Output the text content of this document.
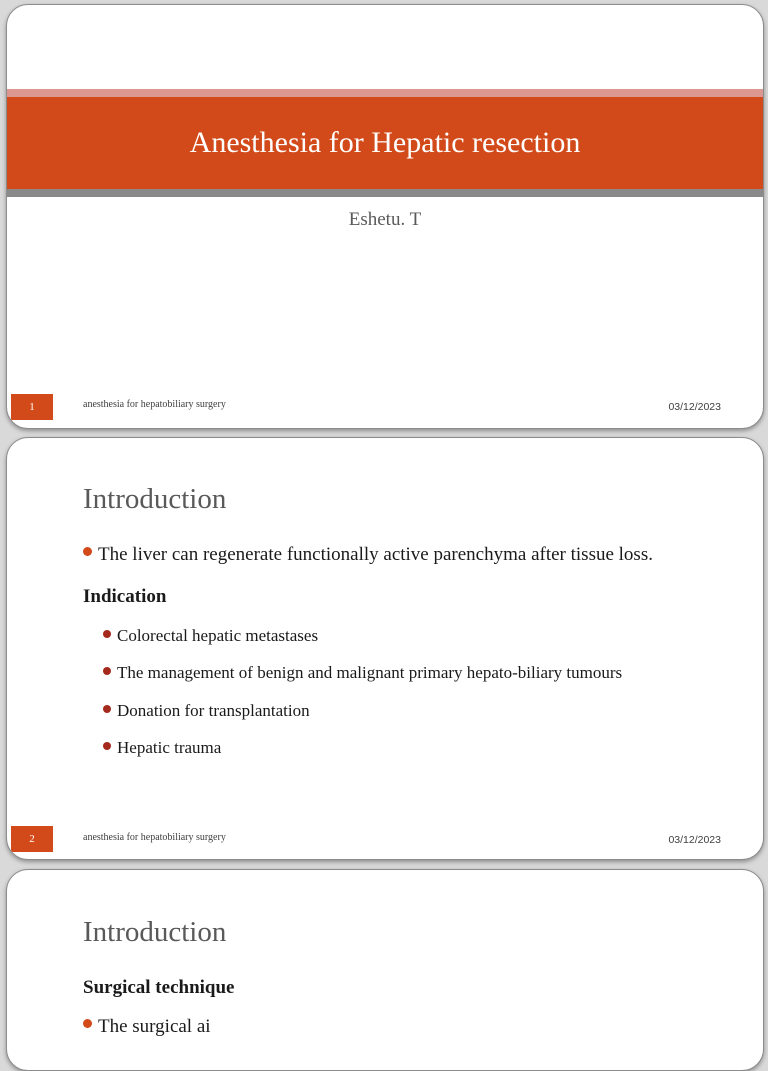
Anesthesia for Hepatic resection
Eshetu. T
1	anesthesia for hepatobiliary surgery	03/12/2023
Introduction
The liver can regenerate functionally active parenchyma after tissue loss.
Indication
Colorectal hepatic metastases
The management of benign and malignant primary hepato-biliary tumours
Donation for transplantation
Hepatic trauma
2	anesthesia for hepatobiliary surgery	03/12/2023
Introduction
Surgical technique
The surgical ai
